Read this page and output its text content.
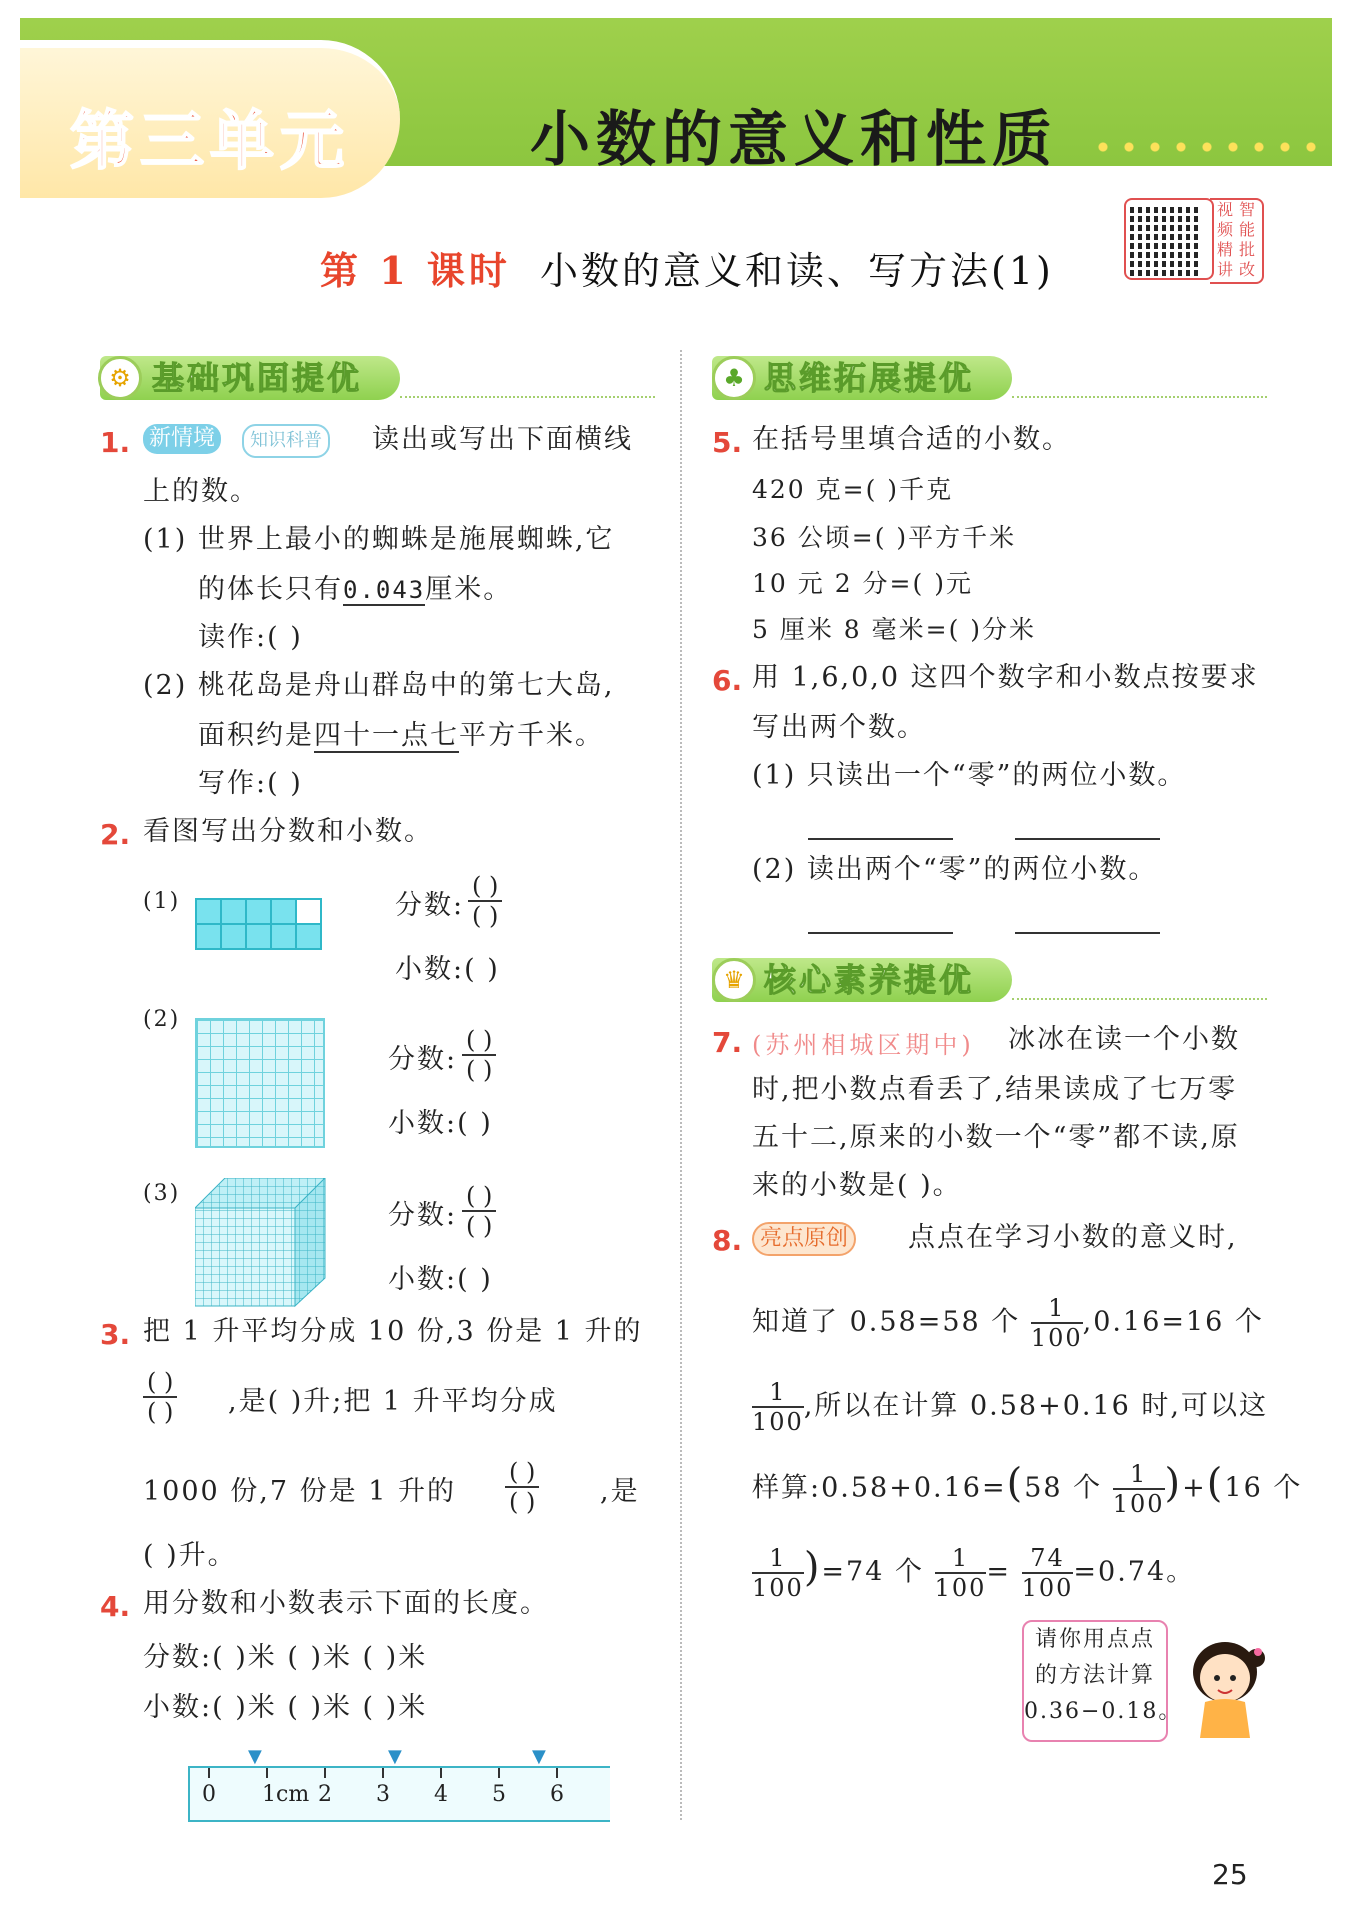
第三单元	小数的意义和性质
第 1 课时 小数的意义和读、写方法(1)
视频精讲
智能批改
基础巩固提优
⚙	思维拓展提优
♣
核心素养提优
♛
1. 新情境	知识科普 读出或写出下面横线
上的数。
(1) 世界上最小的蜘蛛是施展蜘蛛,它
的体长只有0.043厘米。
读作:( )
(2) 桃花岛是舟山群岛中的第七大岛,
面积约是四十一点七平方千米。
写作:( )
2. 看图写出分数和小数。
(1)	分数:
( )
( )
小数:( )
(2)
分数:
( )
( )
小数:( )
(3)
分数:
( )
( )
小数:( )
3. 把 1 升平均分成 10 份,3 份是 1 升的
( )
( ) ,是( )升;把 1 升平均分成
1000 份,7 份是 1 升的
( )
( ) ,是
( )升。
4. 用分数和小数表示下面的长度。
分数:( )米 ( )米 ( )米
小数:( )米 ( )米 ( )米
0 1cm 2 3 4 5 6
▼	▼	▼
5. 在括号里填合适的小数。
420 克=( )千克
36 公顷=( )平方千米
10 元 2 分=( )元
5 厘米 8 毫米=( )分米
6. 用 1,6,0,0 这四个数字和小数点按要求
写出两个数。
(1) 只读出一个“零”的两位小数。
(2) 读出两个“零”的两位小数。
7. (苏州相城区期中) 冰冰在读一个小数
时,把小数点看丢了,结果读成了七万零
五十二,原来的小数一个“零”都不读,原
来的小数是( )。
8. 亮点原创 点点在学习小数的意义时,
知道了 0.58=58 个 $\frac{1}{100} ,0.16=16$ 个
$\frac{1}{100}$ ,所以在计算 0.58+0.16 时,可以这
样算:0.58+0.16=(58 个 $\frac{1}{100} )+(16$ 个
$\frac{1}{100} )=74$ 个 $\frac{1}{100} = \frac{74}{100} =0.74$。
请你用点点
的方法计算
0.36−0.18。
25
